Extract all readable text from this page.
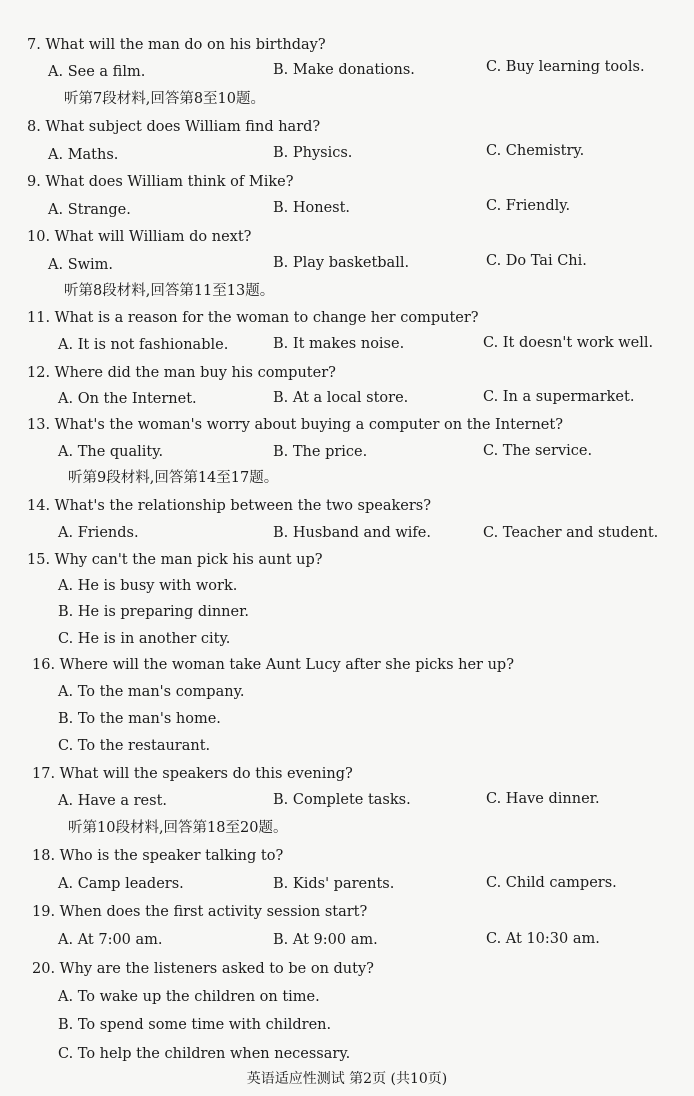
7. What will the man do on his birthday?
A. See a film.	B. Make donations.	C. Buy learning tools.
听第7段材料,回答第8至10题。
8. What subject does William find hard?
A. Maths.	B. Physics.	C. Chemistry.
9. What does William think of Mike?
A. Strange.	B. Honest.	C. Friendly.
10. What will William do next?
A. Swim.	B. Play basketball.	C. Do Tai Chi.
听第8段材料,回答第11至13题。
11. What is a reason for the woman to change her computer?
A. It is not fashionable.	B. It makes noise.	C. It doesn't work well.
12. Where did the man buy his computer?
A. On the Internet.	B. At a local store.	C. In a supermarket.
13. What's the woman's worry about buying a computer on the Internet?
A. The quality.	B. The price.	C. The service.
听第9段材料,回答第14至17题。
14. What's the relationship between the two speakers?
A. Friends.	B. Husband and wife.	C. Teacher and student.
15. Why can't the man pick his aunt up?
A. He is busy with work.
B. He is preparing dinner.
C. He is in another city.
16. Where will the woman take Aunt Lucy after she picks her up?
A. To the man's company.
B. To the man's home.
C. To the restaurant.
17. What will the speakers do this evening?
A. Have a rest.	B. Complete tasks.	C. Have dinner.
听第10段材料,回答第18至20题。
18. Who is the speaker talking to?
A. Camp leaders.	B. Kids' parents.	C. Child campers.
19. When does the first activity session start?
A. At 7:00 am.	B. At 9:00 am.	C. At 10:30 am.
20. Why are the listeners asked to be on duty?
A. To wake up the children on time.
B. To spend some time with children.
C. To help the children when necessary.
英语适应性测试 第2页 (共10页)
